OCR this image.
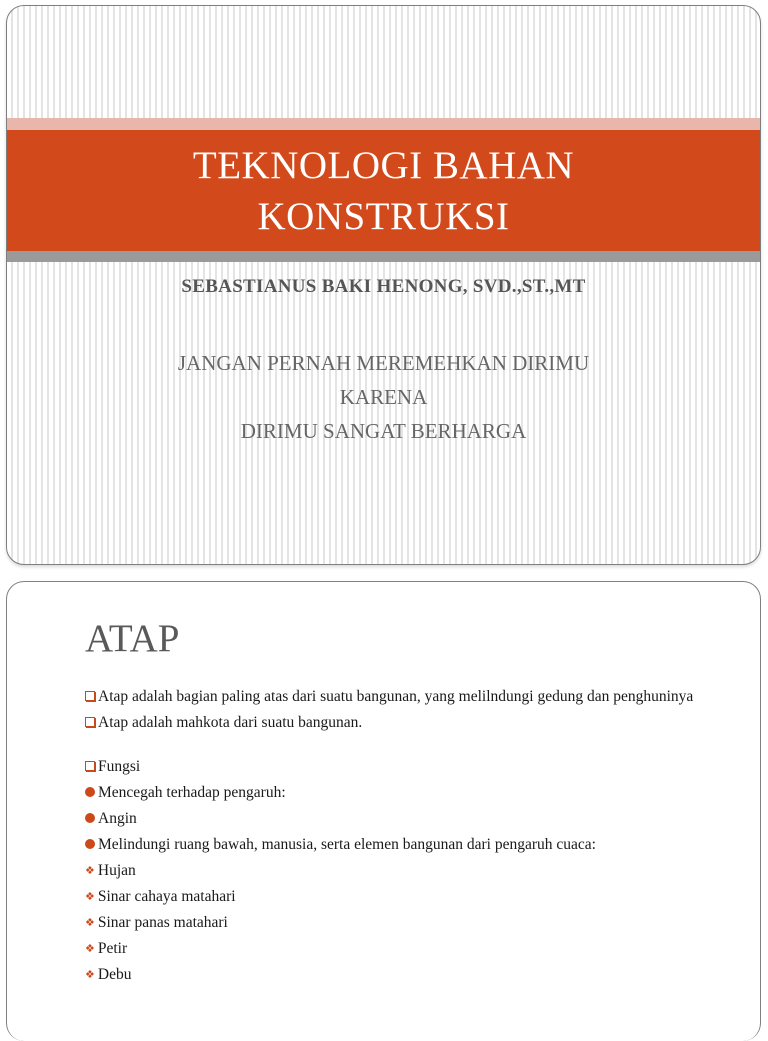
TEKNOLOGI BAHAN
KONSTRUKSI
SEBASTIANUS BAKI HENONG, SVD.,ST.,MT
JANGAN PERNAH MEREMEHKAN DIRIMU
KARENA
DIRIMU SANGAT BERHARGA
ATAP
Atap adalah bagian paling atas dari suatu bangunan, yang melilndungi gedung dan penghuninya
Atap adalah mahkota dari suatu bangunan.
Fungsi
Mencegah terhadap pengaruh:
Angin
Melindungi ruang bawah, manusia, serta elemen bangunan dari pengaruh cuaca:
❖ Hujan
❖ Sinar cahaya matahari
❖ Sinar panas matahari
❖ Petir
❖ Debu
